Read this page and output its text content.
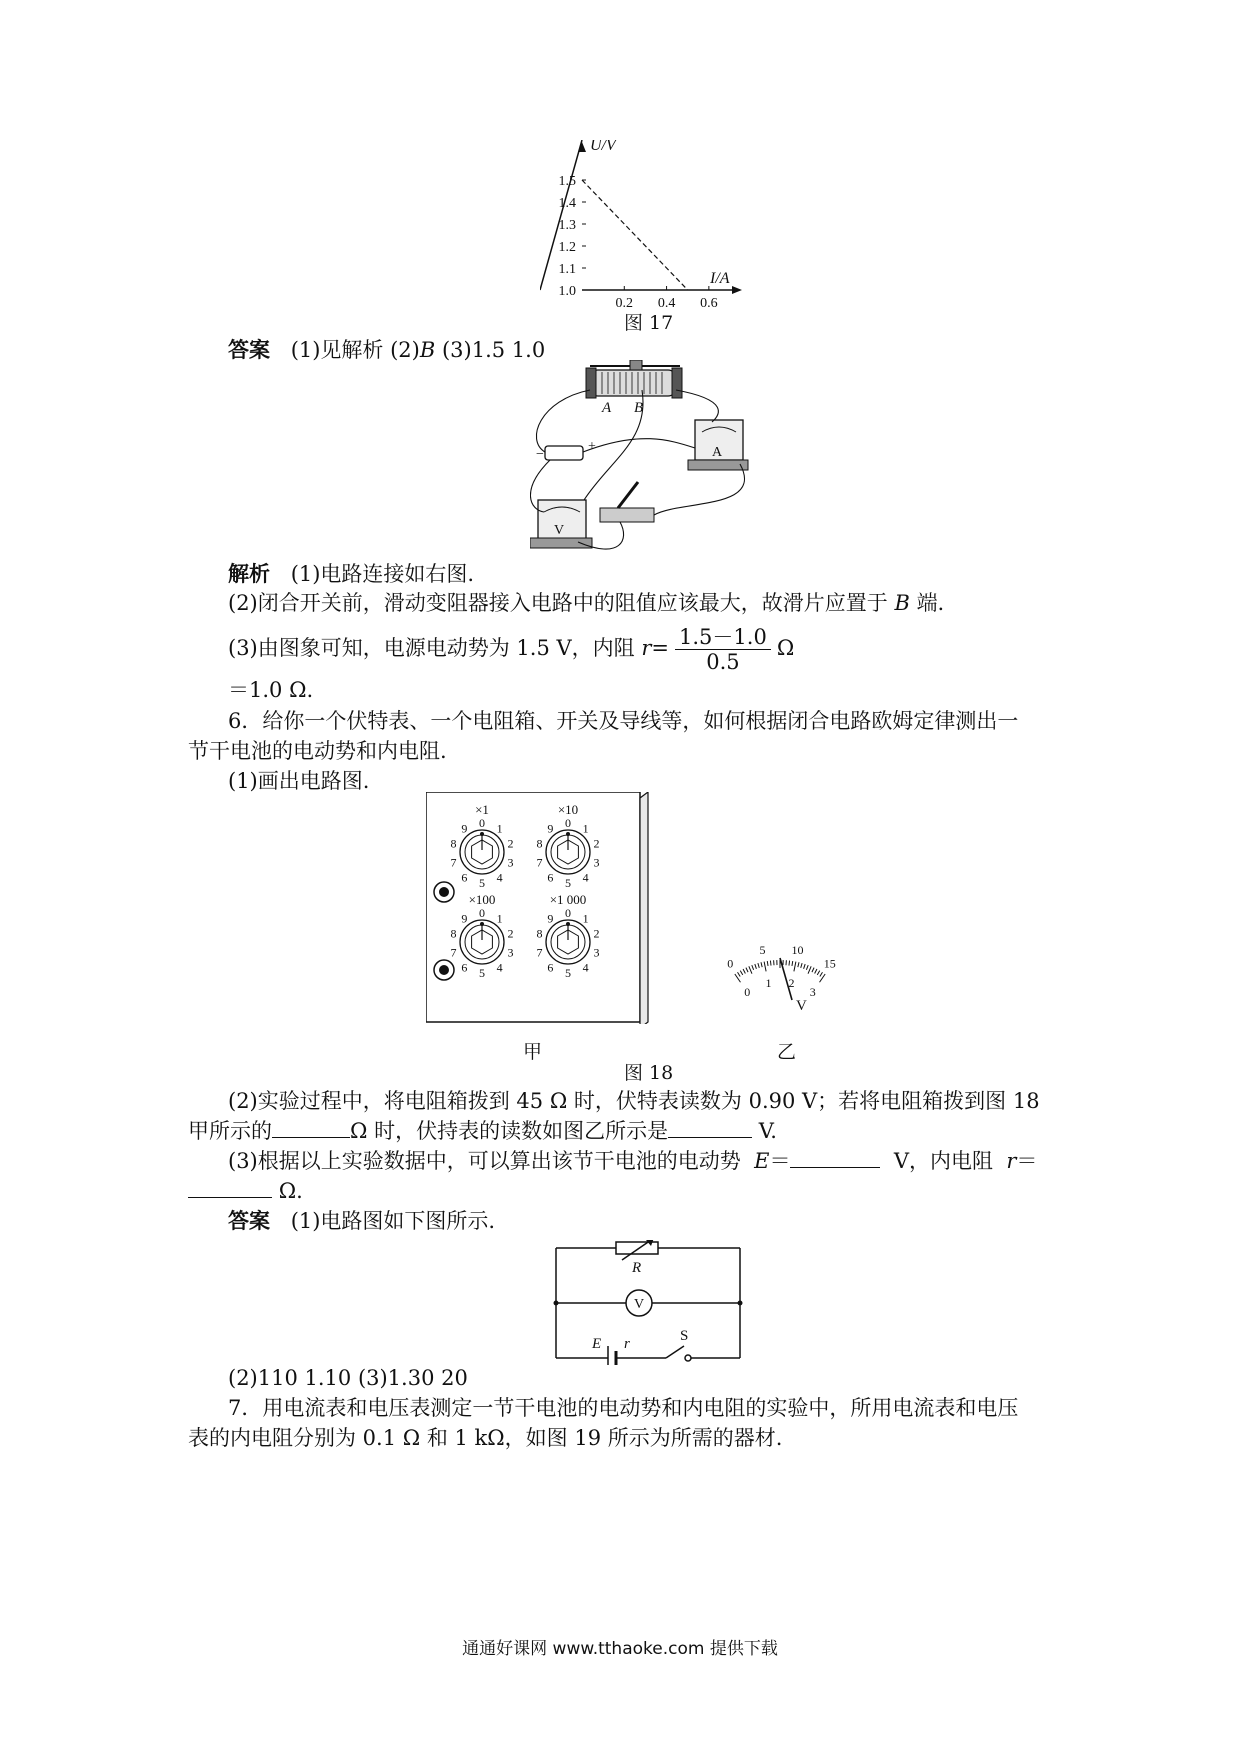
U/V
I/A
1.0
1.1
1.2
1.3
1.4
1.5
0.2 0.4 0.6
图 17
答案 (1)见解析 (2)B (3)1.5 1.0
A B
A
−
+
V
解析 (1)电路连接如右图.
(2)闭合开关前，滑动变阻器接入电路中的阻值应该最大，故滑片应置于 B 端.
(3)由图象可知，电源电动势为 1.5 V，内阻 $r= \frac{1.5-1.0}{0.5}$ Ω
＝1.0 Ω.
6．给你一个伏特表、一个电阻箱、开关及导线等，如何根据闭合电路欧姆定律测出一
节干电池的电动势和内电阻.
(1)画出电路图.
×1
0 1
2
3
4
5
6
7
8
9
×10
0 1
2
3
4
5
6
7
8
9
×100
0 1
2
3
4
5
6
7
8
9
×1 000
0 1
2
3
4
5
6
7
8
9
0
5 10
15
0
1 2
3
V
甲	乙
图 18
(2)实验过程中，将电阻箱拨到 45 Ω 时，伏特表读数为 0.90 V；若将电阻箱拨到图 18
甲所示的	Ω 时，伏持表的读数如图乙所示是	V.
(3)根据以上实验数据中，可以算出该节干电池的电动势 E＝	V，内电阻 r＝
Ω.
答案 (1)电路图如下图所示.
R
V
E r	S
(2)110 1.10 (3)1.30 20
7．用电流表和电压表测定一节干电池的电动势和内电阻的实验中，所用电流表和电压
表的内电阻分别为 0.1 Ω 和 1 kΩ，如图 19 所示为所需的器材.
通通好课网 www.tthaoke.com 提供下载
